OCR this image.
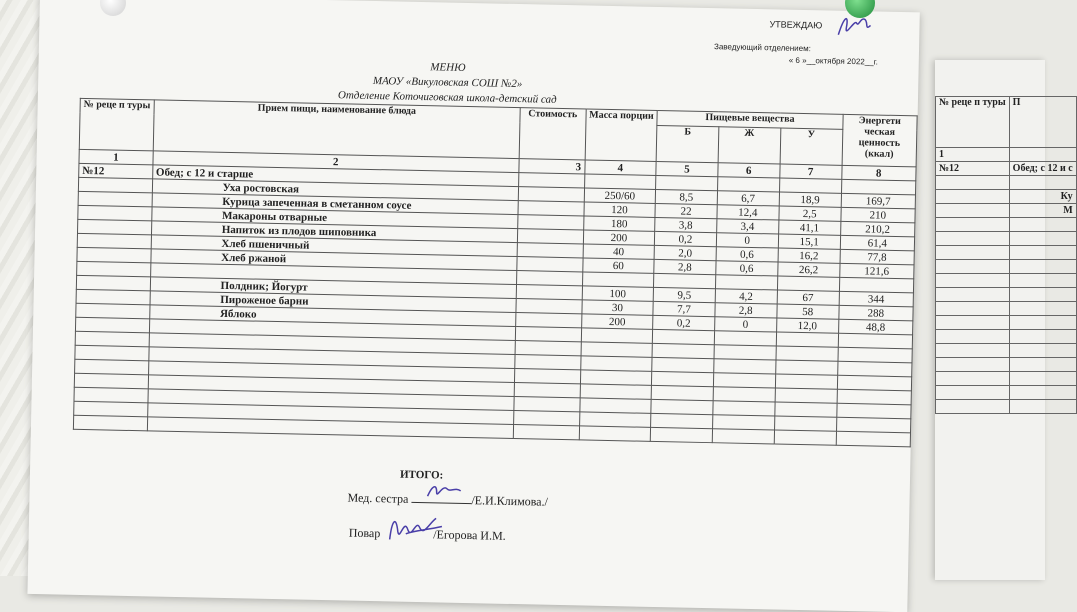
№ реце п туры	П
1	
№12	Обед; с 12 и с

	Ку
	М

УТВЕЖДАЮ
Заведующий отделением:
« 6 »__октября 2022__г.
МЕНЮ
МАОУ «Викуловская СОШ №2»
Отделение Коточиговская школа-детский сад
№ реце п туры	Прием пищи, наименование блюда	Стоимость	Масса порции	Пищевые вещества			Энергети ческая ценность (ккал)
				Б	Ж	У	
1	2	3	4	5	6	7	8
№12	Обед; с 12 и старше						
	Уха ростовская		250/60	8,5	6,7	18,9	169,7
	Курица запеченная в сметанном соусе		120	22	12,4	2,5	210
	Макароны отварные		180	3,8	3,4	41,1	210,2
	Напиток из плодов шиповника		200	0,2	0	15,1	61,4
	Хлеб пшеничный		40	2,0	0,6	16,2	77,8
	Хлеб ржаной		60	2,8	0,6	26,2	121,6

	Полдник; Йогурт		100	9,5	4,2	67	344
	Пироженое барни		30	7,7	2,8	58	288
	Яблоко		200	0,2	0	12,0	48,8

ИТОГО:
Мед. сестра	/Е.И.Климова./
Повар	/Егорова И.М.
